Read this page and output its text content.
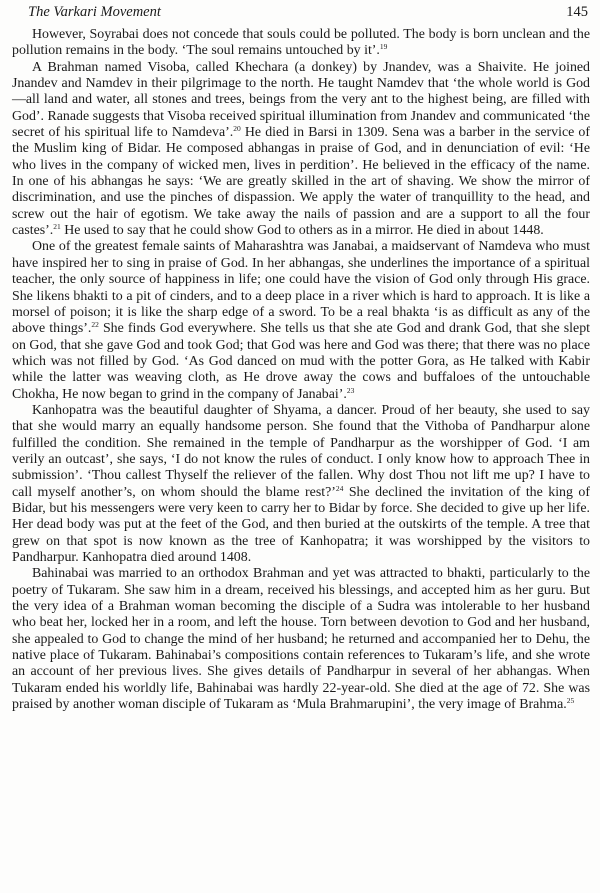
The Varkari Movement	145

However, Soyrabai does not concede that souls could be polluted. The body is born unclean and the pollution remains in the body. ‘The soul remains untouched by it’.$^{19}$

A Brahman named Visoba, called Khechara (a donkey) by Jnandev, was a Shaivite. He joined Jnandev and Namdev in their pilgrimage to the north. He taught Namdev that ‘the whole world is God—all land and water, all stones and trees, beings from the very ant to the highest being, are filled with God’. Ranade suggests that Visoba received spiritual illumination from Jnandev and communicated ‘the secret of his spiritual life to Namdeva’.$^{20}$ He died in Barsi in 1309. Sena was a barber in the service of the Muslim king of Bidar. He composed abhangas in praise of God, and in denunciation of evil: ‘He who lives in the company of wicked men, lives in perdition’. He believed in the efficacy of the name. In one of his abhangas he says: ‘We are greatly skilled in the art of shaving. We show the mirror of discrimination, and use the pinches of dispassion. We apply the water of tranquillity to the head, and screw out the hair of egotism. We take away the nails of passion and are a support to all the four castes’.$^{21}$ He used to say that he could show God to others as in a mirror. He died in about 1448.

One of the greatest female saints of Maharashtra was Janabai, a maidservant of Namdeva who must have inspired her to sing in praise of God. In her abhangas, she underlines the importance of a spiritual teacher, the only source of happiness in life; one could have the vision of God only through His grace. She likens bhakti to a pit of cinders, and to a deep place in a river which is hard to approach. It is like a morsel of poison; it is like the sharp edge of a sword. To be a real bhakta ‘is as difficult as any of the above things’.$^{22}$ She finds God everywhere. She tells us that she ate God and drank God, that she slept on God, that she gave God and took God; that God was here and God was there; that there was no place which was not filled by God. ‘As God danced on mud with the potter Gora, as He talked with Kabir while the latter was weaving cloth, as He drove away the cows and buffaloes of the untouchable Chokha, He now began to grind in the company of Janabai’.$^{23}$

Kanhopatra was the beautiful daughter of Shyama, a dancer. Proud of her beauty, she used to say that she would marry an equally handsome person. She found that the Vithoba of Pandharpur alone fulfilled the condition. She remained in the temple of Pandharpur as the worshipper of God. ‘I am verily an outcast’, she says, ‘I do not know the rules of conduct. I only know how to approach Thee in submission’. ‘Thou callest Thyself the reliever of the fallen. Why dost Thou not lift me up? I have to call myself another’s, on whom should the blame rest?’$^{24}$ She declined the invitation of the king of Bidar, but his messengers were very keen to carry her to Bidar by force. She decided to give up her life. Her dead body was put at the feet of the God, and then buried at the outskirts of the temple. A tree that grew on that spot is now known as the tree of Kanhopatra; it was worshipped by the visitors to Pandharpur. Kanhopatra died around 1408.

Bahinabai was married to an orthodox Brahman and yet was attracted to bhakti, particularly to the poetry of Tukaram. She saw him in a dream, received his blessings, and accepted him as her guru. But the very idea of a Brahman woman becoming the disciple of a Sudra was intolerable to her husband who beat her, locked her in a room, and left the house. Torn between devotion to God and her husband, she appealed to God to change the mind of her husband; he returned and accompanied her to Dehu, the native place of Tukaram. Bahinabai’s compositions contain references to Tukaram’s life, and she wrote an account of her previous lives. She gives details of Pandharpur in several of her abhangas. When Tukaram ended his worldly life, Bahinabai was hardly 22-year-old. She died at the age of 72. She was praised by another woman disciple of Tukaram as ‘Mula Brahmarupini’, the very image of Brahma.$^{25}$
